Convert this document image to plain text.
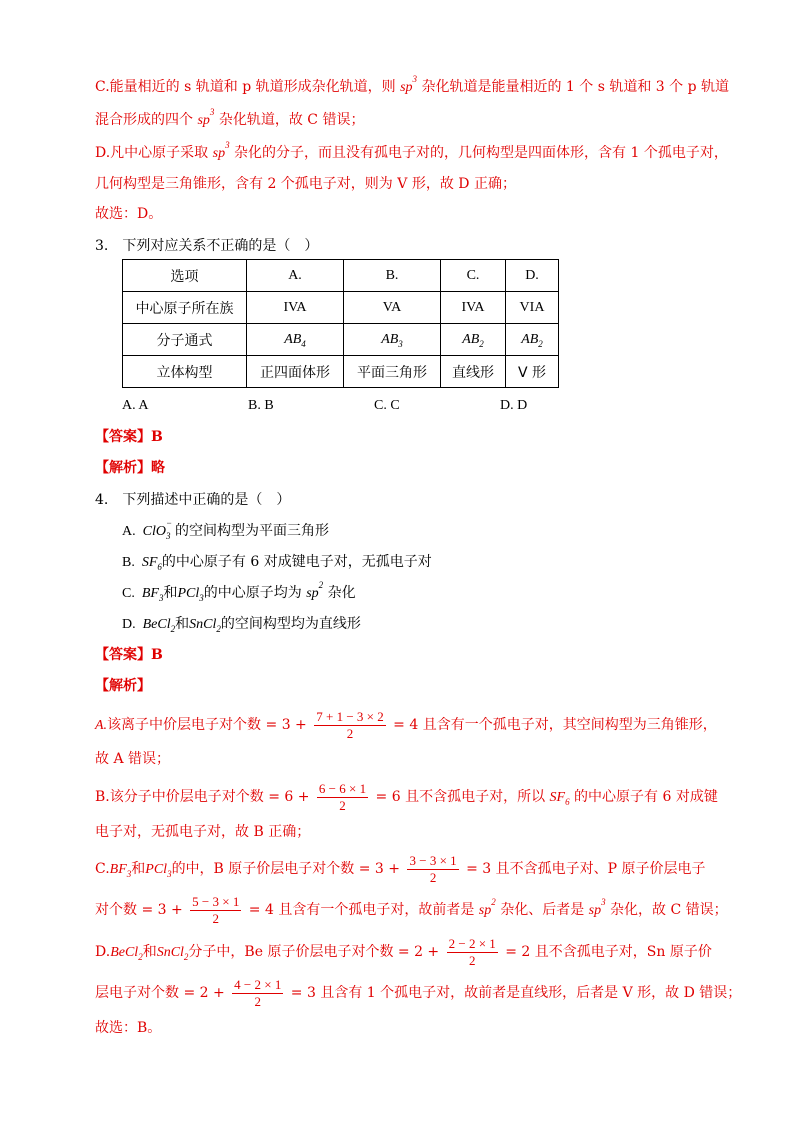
C.能量相近的 s 轨道和 p 轨道形成杂化轨道，则 $sp^3$ 杂化轨道是能量相近的 1 个 s 轨道和 3 个 p 轨道
混合形成的四个 $sp^3$ 杂化轨道，故 C 错误；
D.凡中心原子采取 $sp^3$ 杂化的分子，而且没有孤电子对的，几何构型是四面体形，含有 1 个孤电子对，
几何构型是三角锥形，含有 2 个孤电子对，则为 V 形，故 D 正确；
故选：D。
3.　下列对应关系不正确的是（　）
选项	A.	B.	C.	D.
中心原子所在族	IVA	VA	IVA	VIA
分子通式	$AB_4$	$AB_3$	$AB_2$	$AB_2$
立体构型	正四面体形	平面三角形	直线形	V 形
A. A	B. B	C. C	D. D
【答案】B
【解析】略
4.　下列描述中正确的是（　）
A.  ClO−$_3$ 的空间构型为平面三角形
B.  $SF_6$的中心原子有 6 对成键电子对，无孤电子对
C.  $BF_3$和PCl$_3$的中心原子均为 $sp^2$ 杂化
D.  BeCl$_2$和SnCl$_2$的空间构型均为直线形
【答案】B
【解析】
A.该离子中价层电子对个数 = $3 + \frac{7 + 1 - 3 \times 2}{2} = 4$ 且含有一个孤电子对，其空间构型为三角锥形，
故 A 错误；
B.该分子中价层电子对个数 = $6 + \frac{6 - 6 \times 1}{2} = 6$ 且不含孤电子对，所以 $SF_6$ 的中心原子有 6 对成键
电子对，无孤电子对，故 B 正确；
$C.BF_3$和PCl$_3$的中，B 原子价层电子对个数 = $3 + \frac{3 - 3 \times 1}{2} = 3$ 且不含孤电子对、P 原子价层电子
对个数 = $3 + \frac{5 - 3 \times 1}{2} = 4$ 且含有一个孤电子对，故前者是 $sp^2$ 杂化、后者是 $sp^3$ 杂化，故 C 错误；
D.BeCl$_2$和SnCl$_2$分子中，Be 原子价层电子对个数 = $2 + \frac{2 - 2 \times 1}{2} = 2$ 且不含孤电子对，Sn 原子价
层电子对个数 = $2 + \frac{4 - 2 \times 1}{2} = 3$ 且含有 1 个孤电子对，故前者是直线形，后者是 V 形，故 D 错误；
故选：B。
